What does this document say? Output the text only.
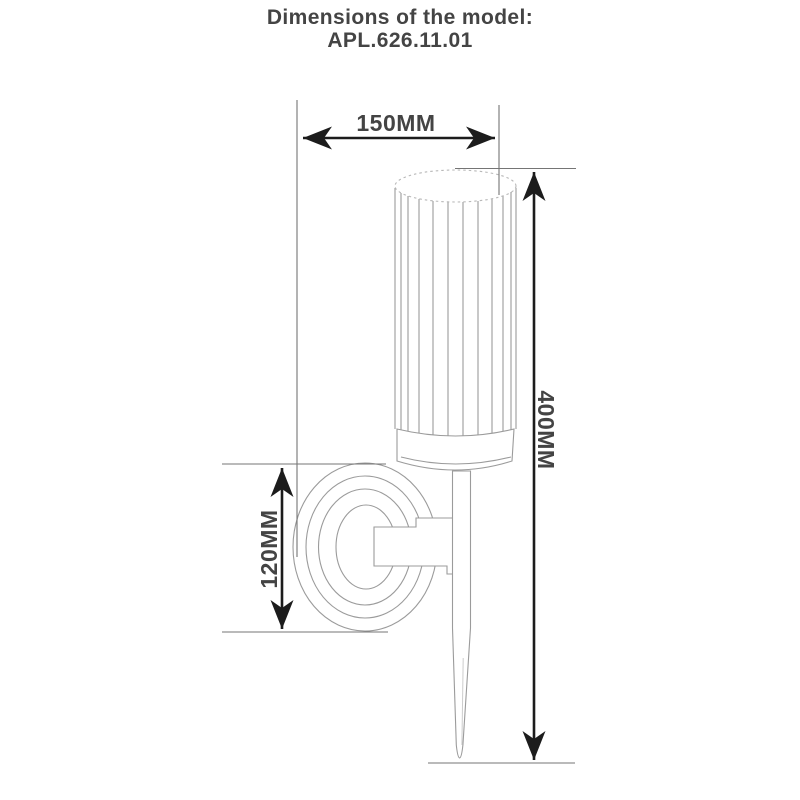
Dimensions of the model:
APL.626.11.01
150MM
400MM
120MM
